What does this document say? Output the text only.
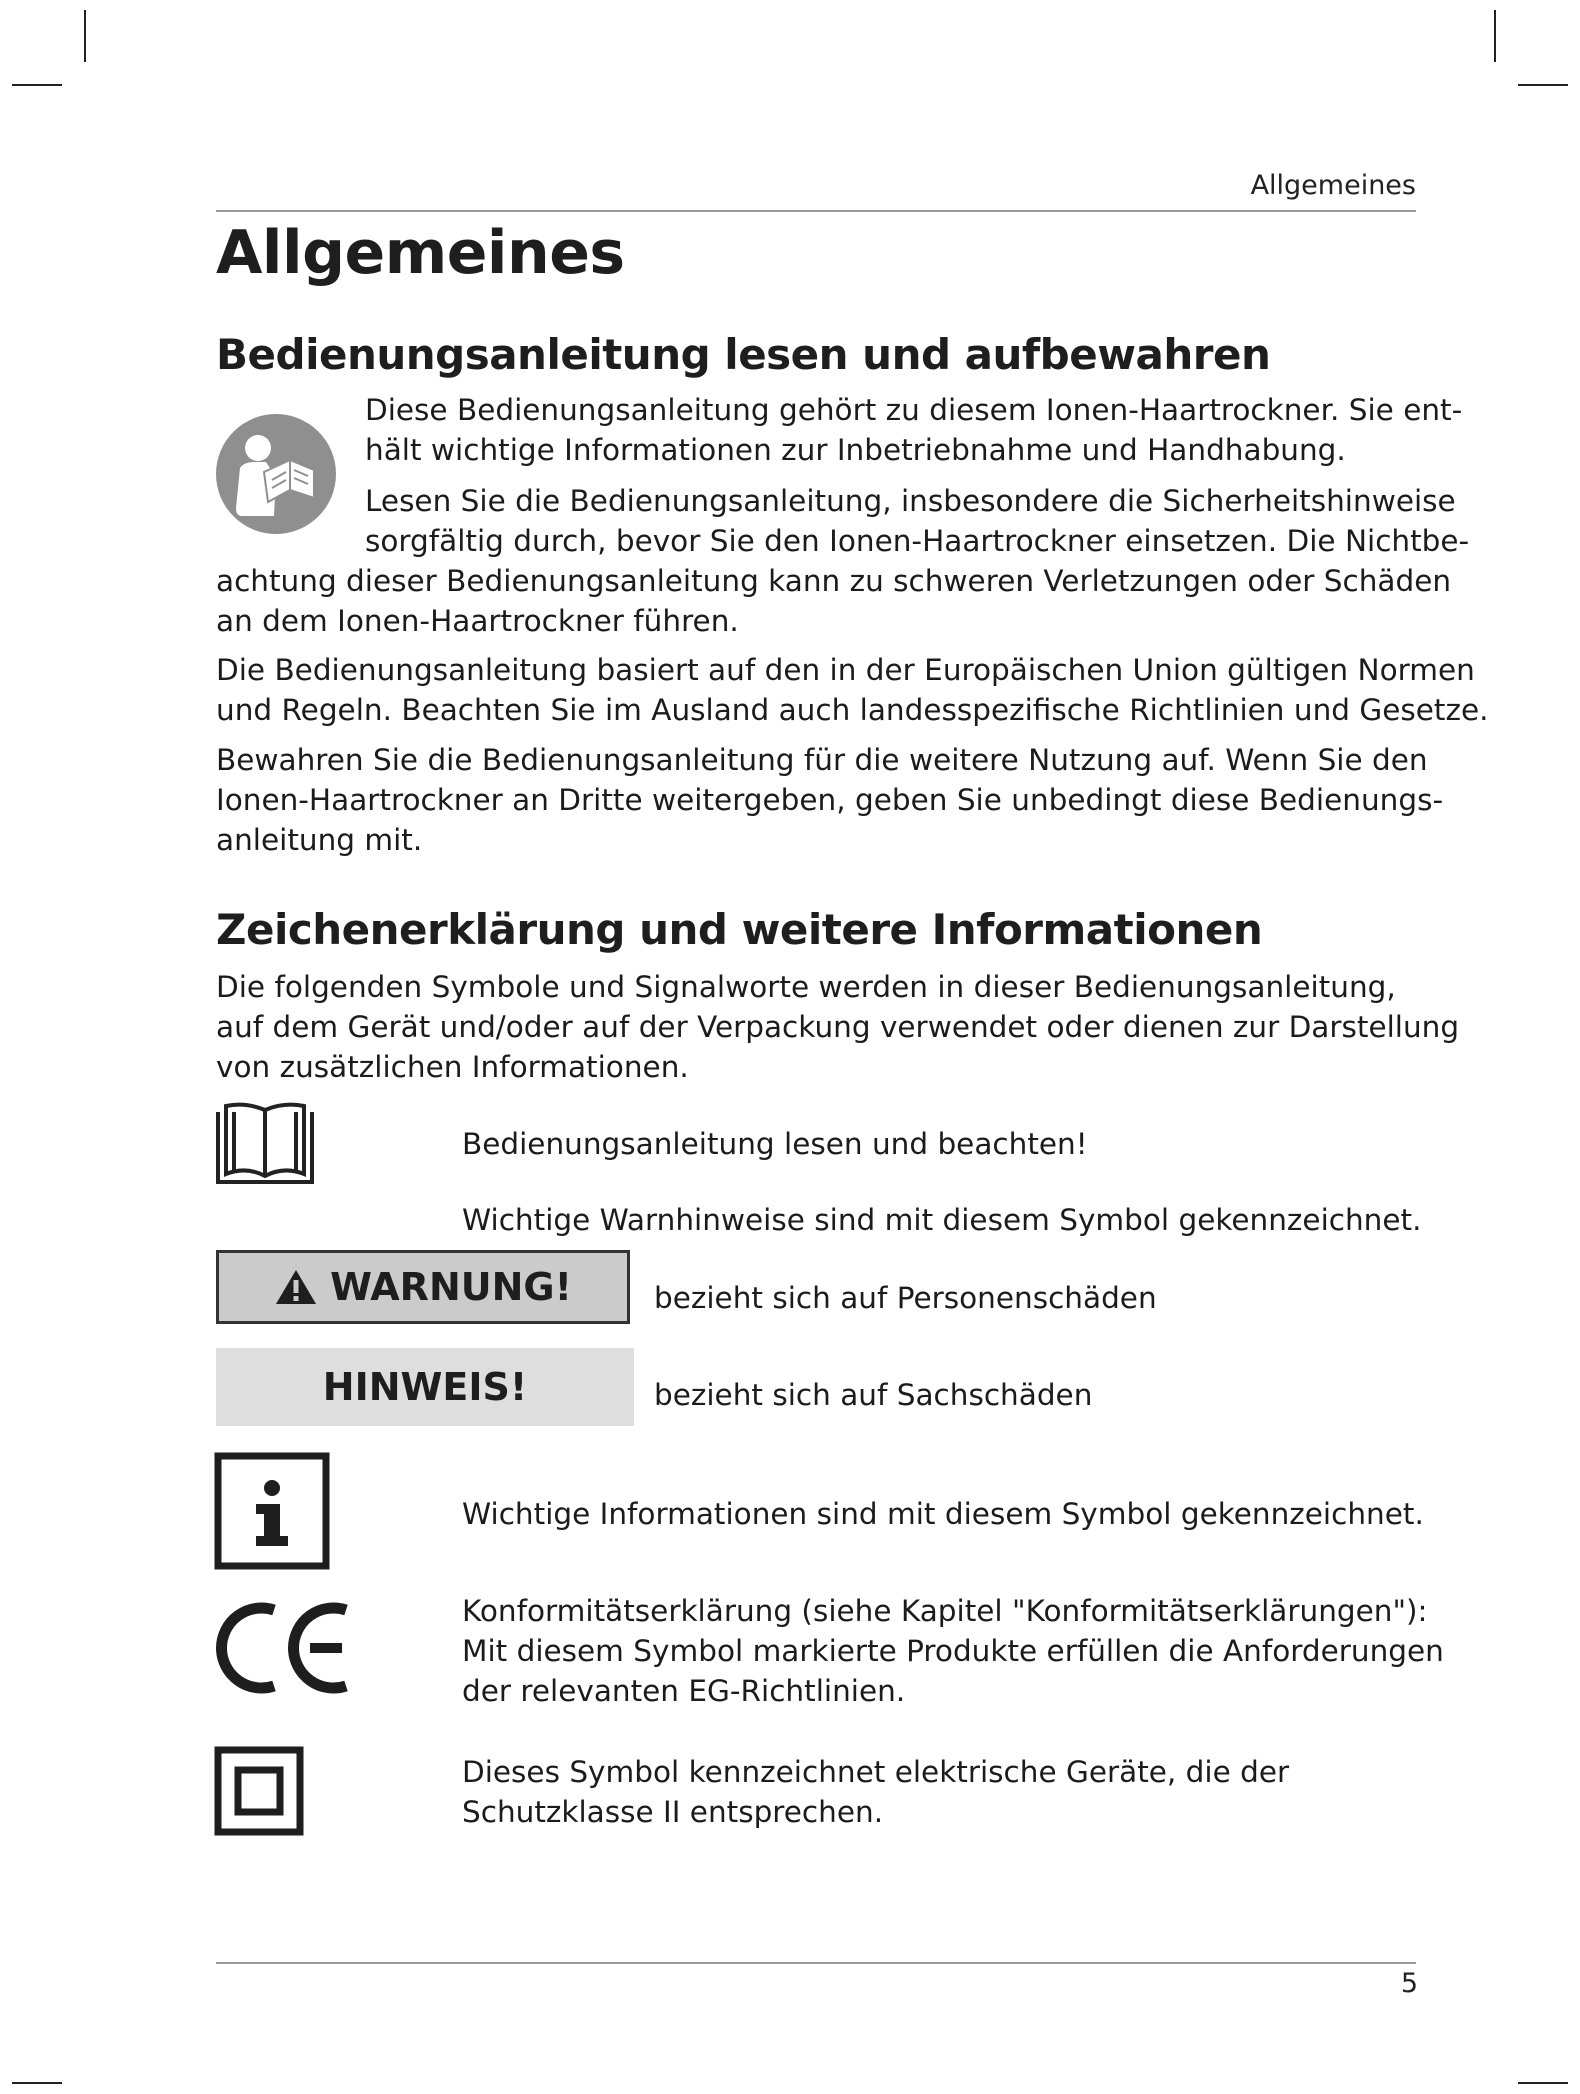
Allgemeines
Allgemeines
Bedienungsanleitung lesen und aufbewahren
Diese Bedienungsanleitung gehört zu diesem Ionen-Haartrockner. Sie ent-
hält wichtige Informationen zur Inbetriebnahme und Handhabung.
Lesen Sie die Bedienungsanleitung, insbesondere die Sicherheitshinweise
sorgfältig durch, bevor Sie den Ionen-Haartrockner einsetzen. Die Nichtbe-
achtung dieser Bedienungsanleitung kann zu schweren Verletzungen oder Schäden
an dem Ionen-Haartrockner führen.
Die Bedienungsanleitung basiert auf den in der Europäischen Union gültigen Normen
und Regeln. Beachten Sie im Ausland auch landesspezifische Richtlinien und Gesetze.
Bewahren Sie die Bedienungsanleitung für die weitere Nutzung auf. Wenn Sie den
Ionen-Haartrockner an Dritte weitergeben, geben Sie unbedingt diese Bedienungs-
anleitung mit.
Zeichenerklärung und weitere Informationen
Die folgenden Symbole und Signalworte werden in dieser Bedienungsanleitung,
auf dem Gerät und/oder auf der Verpackung verwendet oder dienen zur Darstellung
von zusätzlichen Informationen.
Bedienungsanleitung lesen und beachten!
Wichtige Warnhinweise sind mit diesem Symbol gekennzeichnet.
WARNUNG!	bezieht sich auf Personenschäden
HINWEIS!	bezieht sich auf Sachschäden
Wichtige Informationen sind mit diesem Symbol gekennzeichnet.
Konformitätserklärung (siehe Kapitel "Konformitätserklärungen"):
Mit diesem Symbol markierte Produkte erfüllen die Anforderungen
der relevanten EG-Richtlinien.
Dieses Symbol kennzeichnet elektrische Geräte, die der
Schutzklasse II entsprechen.
5
